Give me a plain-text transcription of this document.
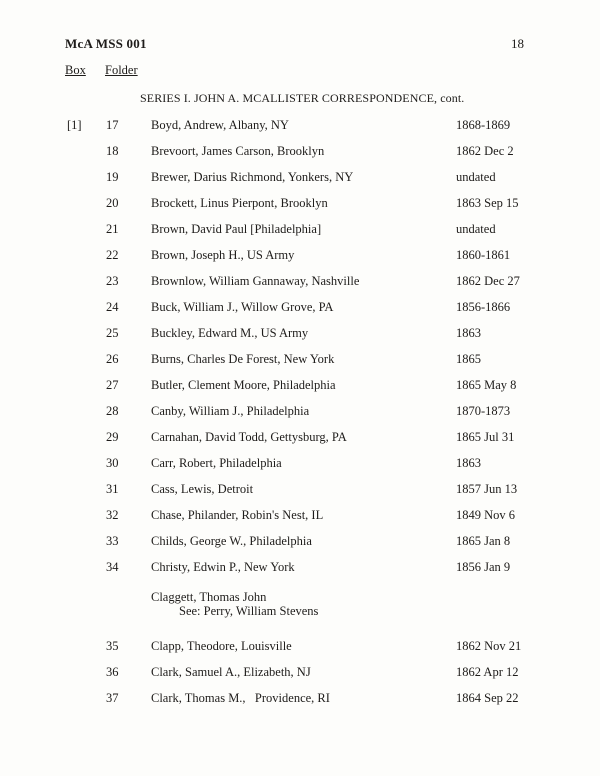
McA MSS 001	18
Box Folder
SERIES I. JOHN A. MCALLISTER CORRESPONDENCE, cont.
[1] 17	Boyd, Andrew, Albany, NY	1868-1869
18	Brevoort, James Carson, Brooklyn	1862 Dec 2
19	Brewer, Darius Richmond, Yonkers, NY	undated
20	Brockett, Linus Pierpont, Brooklyn	1863 Sep 15
21	Brown, David Paul [Philadelphia]	undated
22	Brown, Joseph H., US Army	1860-1861
23	Brownlow, William Gannaway, Nashville	1862 Dec 27
24	Buck, William J., Willow Grove, PA	1856-1866
25	Buckley, Edward M., US Army	1863
26	Burns, Charles De Forest, New York	1865
27	Butler, Clement Moore, Philadelphia	1865 May 8
28	Canby, William J., Philadelphia	1870-1873
29	Carnahan, David Todd, Gettysburg, PA	1865 Jul 31
30	Carr, Robert, Philadelphia	1863
31	Cass, Lewis, Detroit	1857 Jun 13
32	Chase, Philander, Robin's Nest, IL	1849 Nov 6
33	Childs, George W., Philadelphia	1865 Jan 8
34	Christy, Edwin P., New York	1856 Jan 9
Claggett, Thomas John
See: Perry, William Stevens
35	Clapp, Theodore, Louisville	1862 Nov 21
36	Clark, Samuel A., Elizabeth, NJ	1862 Apr 12
37	Clark, Thomas M.,   Providence, RI	1864 Sep 22
